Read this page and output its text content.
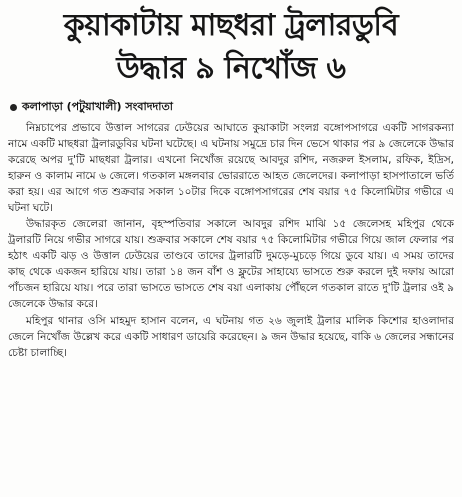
কুয়াকাটায় মাছধরা ট্রলারডুবি
উদ্ধার ৯ নিখোঁজ ৬
কলাপাড়া (পটুয়াখালী) সংবাদদাতা

নিম্নচাপের প্রভাবে উত্তাল সাগরের ঢেউয়ের আঘাতে কুয়াকাটা সংলগ্ন বঙ্গোপসাগরে একটি সাগরকন্যা নামে একটি মাছধরা ট্রলারডুবির ঘটনা ঘটেছে। এ ঘটনায় সমুদ্রে চার দিন ভেসে থাকার পর ৯ জেলেকে উদ্ধার করেছে অপর দু'টি মাছধরা ট্রলার। এখনো নিখোঁজ রয়েছে আবদুর রশিদ, নজরুল ইসলাম, রফিক, ইদ্রিস, হারুন ও কালাম নামে ৬ জেলে। গতকাল মঙ্গলবার ভোররাতে আহত জেলেদের। কলাপাড়া হাসপাতালে ভর্তি করা হয়। এর আগে গত শুক্রবার সকাল ১০টার দিকে বঙ্গোপসাগরের শেষ বয়ার ৭৫ কিলোমিটার গভীরে এ ঘটনা ঘটে।

উদ্ধারকৃত জেলেরা জানান, বৃহস্পতিবার সকালে আবদুর রশিদ মাঝি ১৫ জেলেসহ মহিপুর থেকে ট্রলারটি নিয়ে গভীর সাগরে যায়। শুক্রবার সকালে শেষ বয়ার ৭৫ কিলোমিটার গভীরে গিয়ে জাল ফেলার পর হঠাৎ একটি ঝড় ও উত্তাল ঢেউয়ের তাণ্ডবে তাদের ট্রলারটি দুমড়ে-মুচড়ে গিয়ে ডুবে যায়। এ সময় তাদের কাছ থেকে একজন হারিয়ে যায়। তারা ১৪ জন বাঁশ ও ফ্লুটের সাহায্যে ভাসতে শুরু করলে দুই দফায় আরো পাঁচজন হারিয়ে যায়। পরে তারা ভাসতে ভাসতে শেষ বয়া এলাকায় পৌঁছলে গতকাল রাতে দু'টি ট্রলার ওই ৯ জেলেকে উদ্ধার করে।

মহিপুর থানার ওসি মাহমুদ হাসান বলেন, এ ঘটনায় গত ২৬ জুলাই ট্রলার মালিক কিশোর হাওলাদার জেলে নিখোঁজ উল্লেখ করে একটি সাধারণ ডায়েরি করেছেন। ৯ জন উদ্ধার হয়েছে, বাকি ৬ জেলের সন্ধানের চেষ্টা চালাচ্ছি।
